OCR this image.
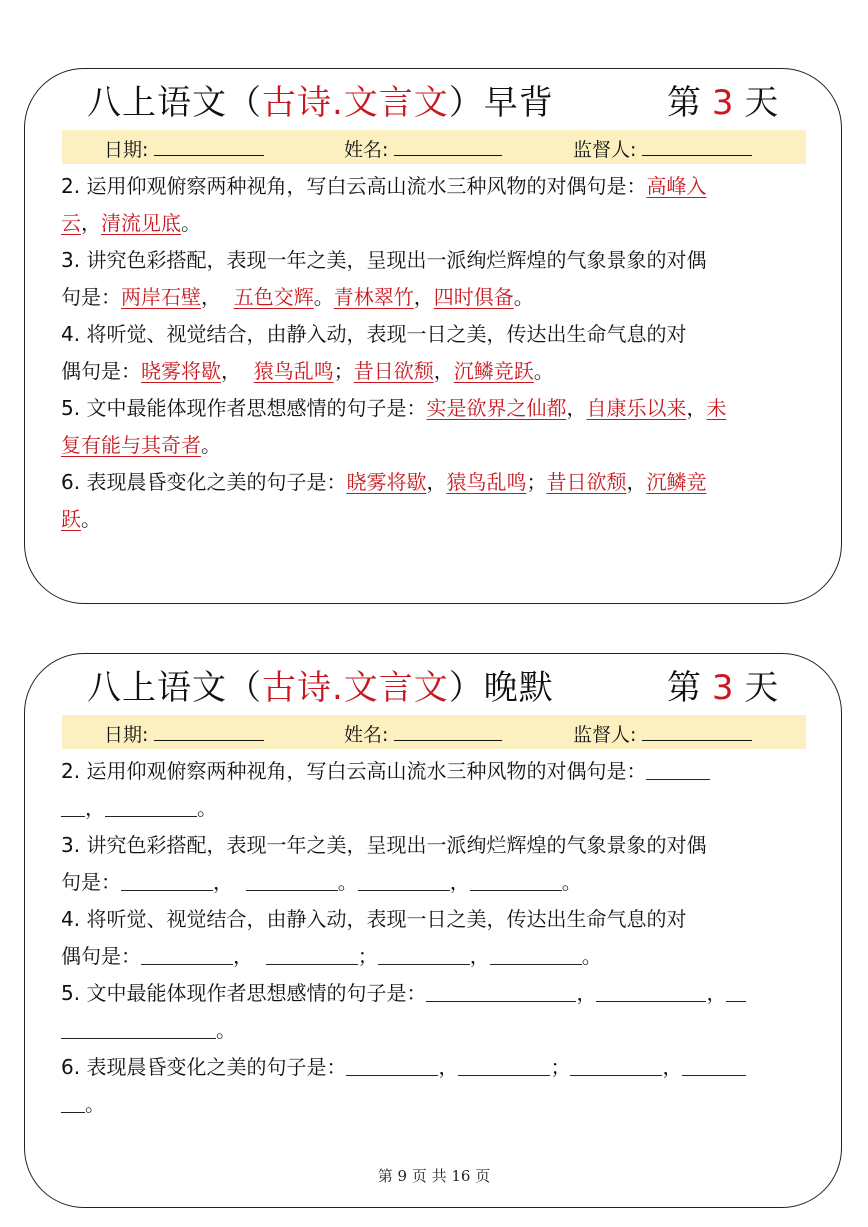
八上语文（古诗.文言文）早背	第 3 天
日期:	姓名:	监督人:

2. 运用仰观俯察两种视角，写白云高山流水三种风物的对偶句是：高峰入
云，清流见底。

3. 讲究色彩搭配，表现一年之美，呈现出一派绚烂辉煌的气象景象的对偶
句是：两岸石壁， 五色交辉。青林翠竹，四时俱备。

4. 将听觉、视觉结合，由静入动，表现一日之美，传达出生命气息的对
偶句是：晓雾将歇， 猿鸟乱鸣；昔日欲颓，沉鳞竞跃。

5. 文中最能体现作者思想感情的句子是：实是欲界之仙都，自康乐以来，未
复有能与其奇者。

6. 表现晨昏变化之美的句子是：晓雾将歇，猿鸟乱鸣；昔日欲颓，沉鳞竞
跃。

八上语文（古诗.文言文）晚默	第 3 天
日期:	姓名:	监督人:

2. 运用仰观俯察两种视角，写白云高山流水三种风物的对偶句是：
，	。

3. 讲究色彩搭配，表现一年之美，呈现出一派绚烂辉煌的气象景象的对偶
句是：	，	。	，	。

4. 将听觉、视觉结合，由静入动，表现一日之美，传达出生命气息的对
偶句是：	，	；	，	。

5. 文中最能体现作者思想感情的句子是：	，	，
。

6. 表现晨昏变化之美的句子是：	，	；	，
。

第 9 页 共 16 页
